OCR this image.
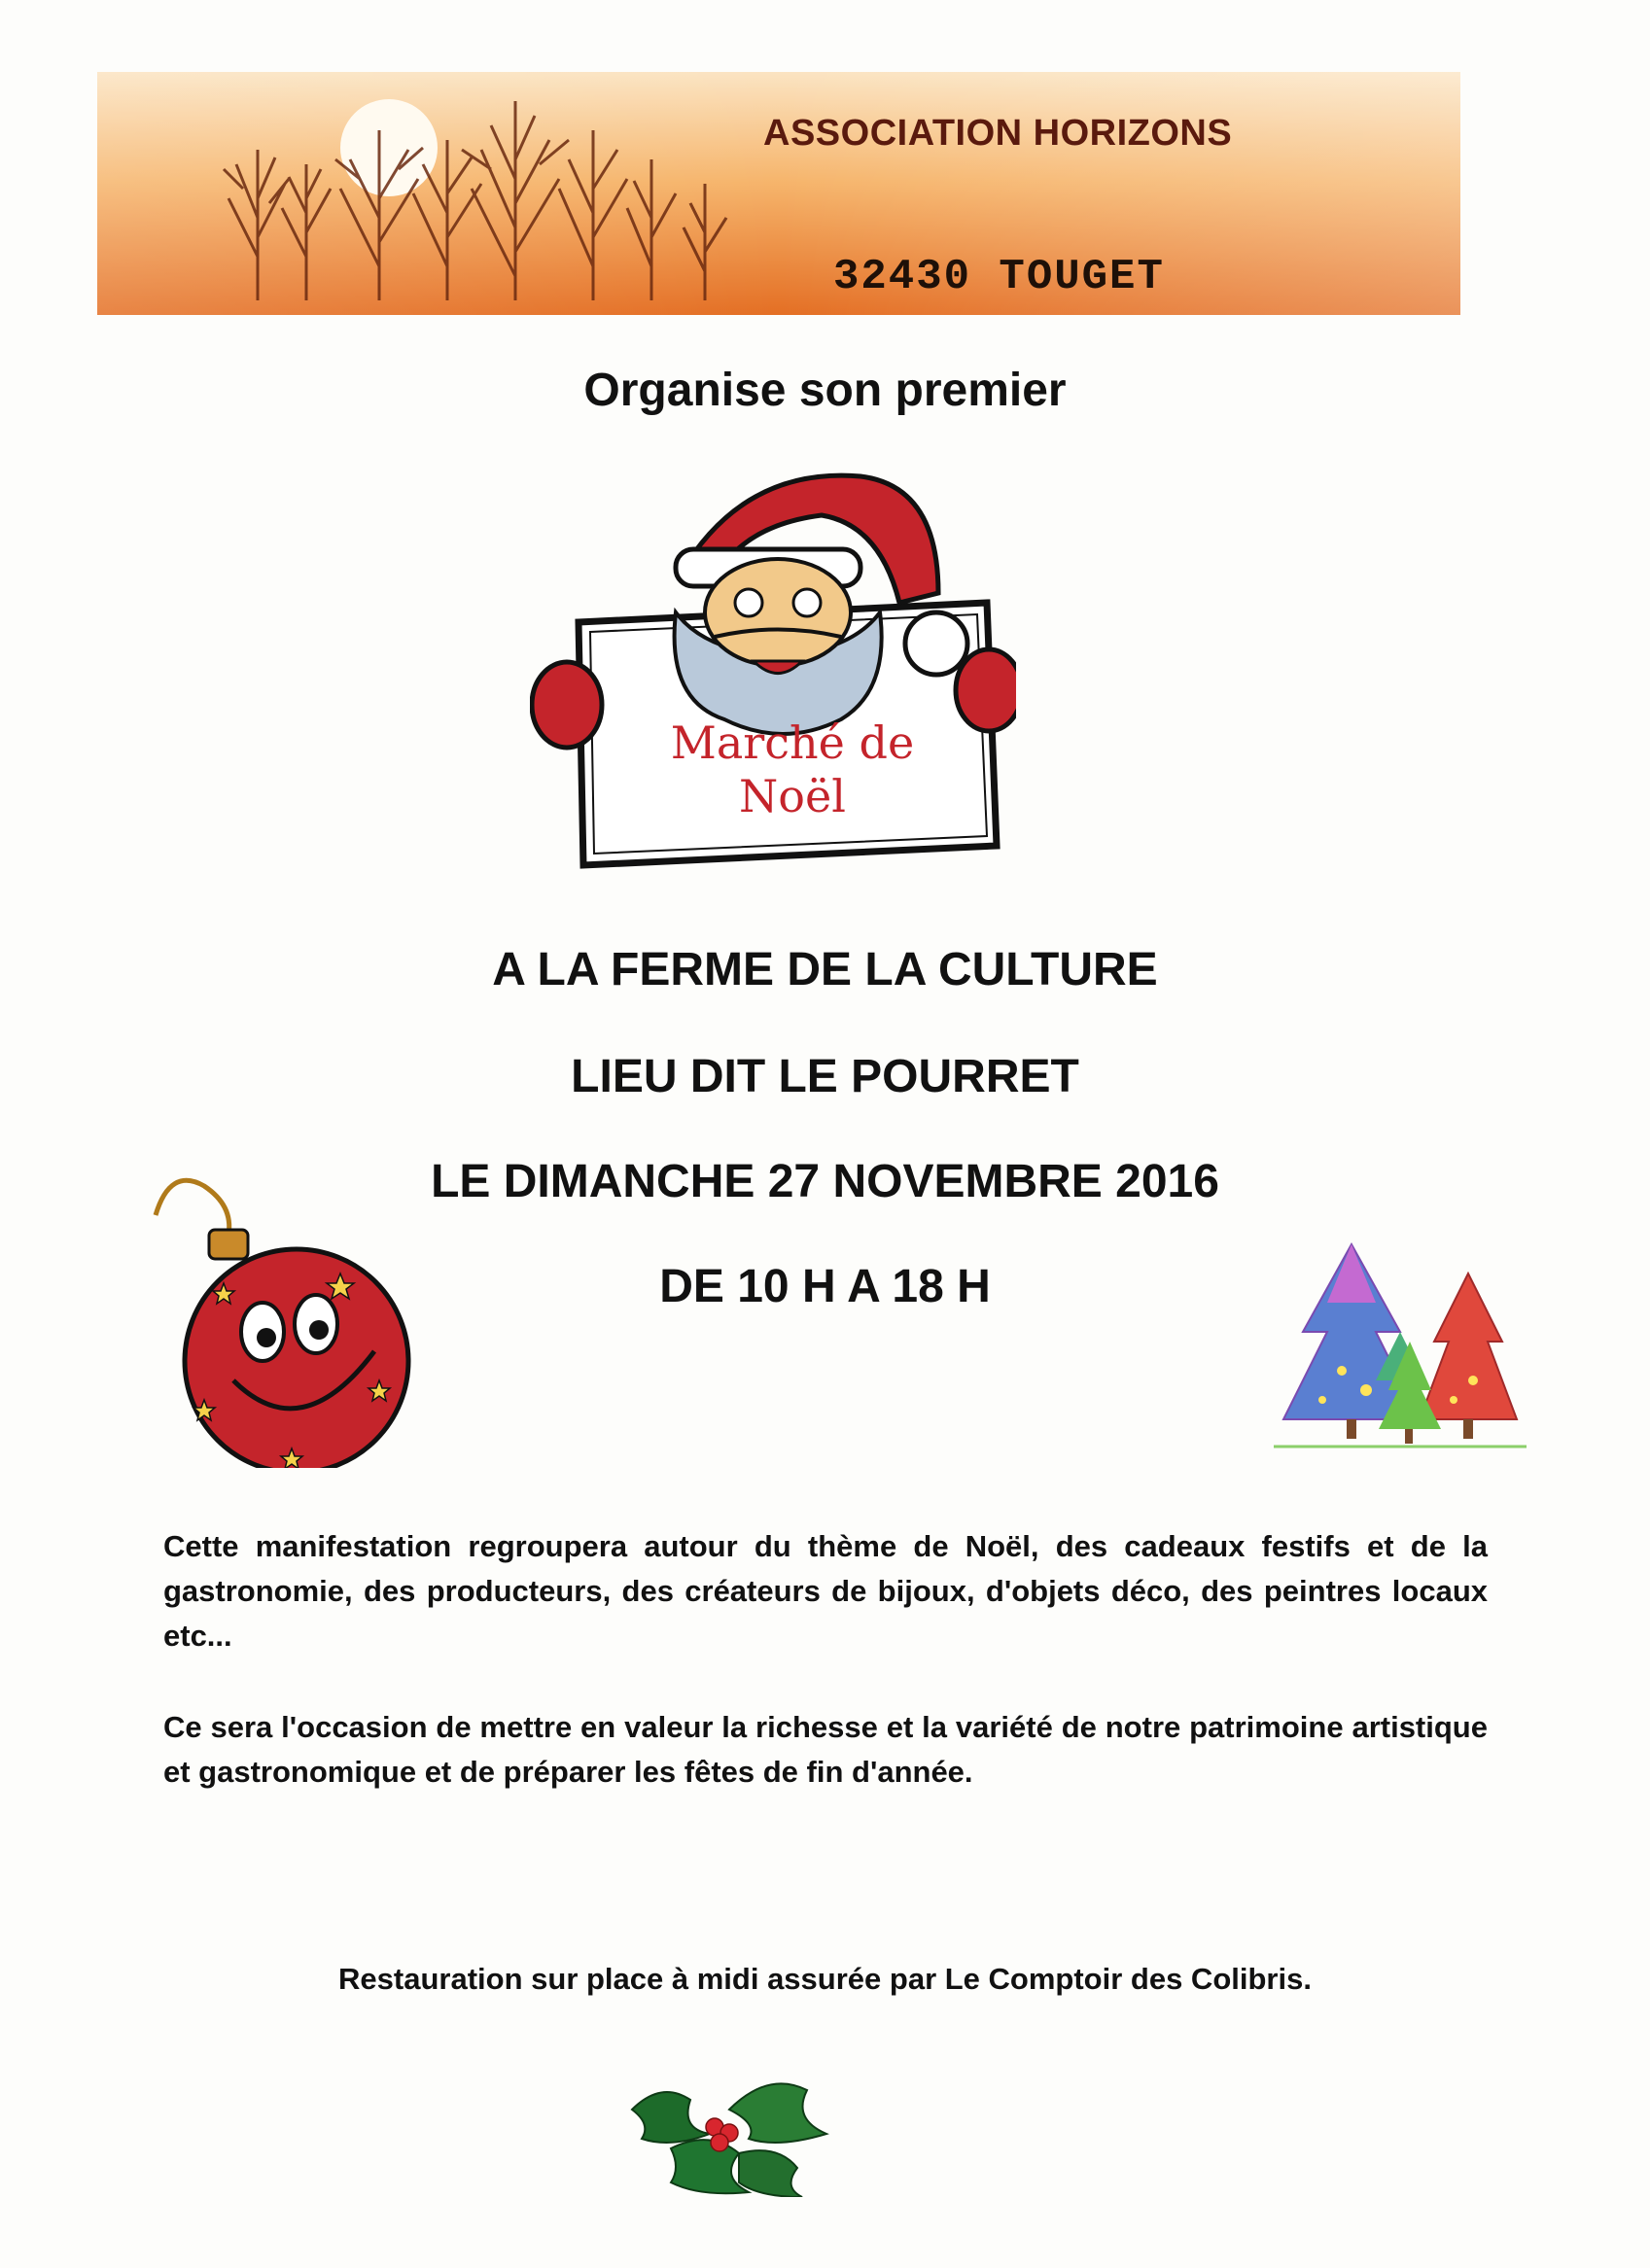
ASSOCIATION HORIZONS
32430 TOUGET
Organise son premier
Marché de
Noël
A LA FERME DE LA CULTURE
LIEU DIT LE POURRET
LE DIMANCHE 27 NOVEMBRE 2016
DE 10 H A 18 H
Cette manifestation regroupera autour du thème de Noël, des cadeaux festifs et de la gastronomie, des producteurs, des créateurs de bijoux, d'objets déco, des peintres locaux etc...
Ce sera l'occasion de mettre en valeur la richesse et la variété de notre patrimoine artistique et gastronomique et de préparer les fêtes de fin d'année.
Restauration sur place à midi assurée par Le Comptoir des Colibris.
